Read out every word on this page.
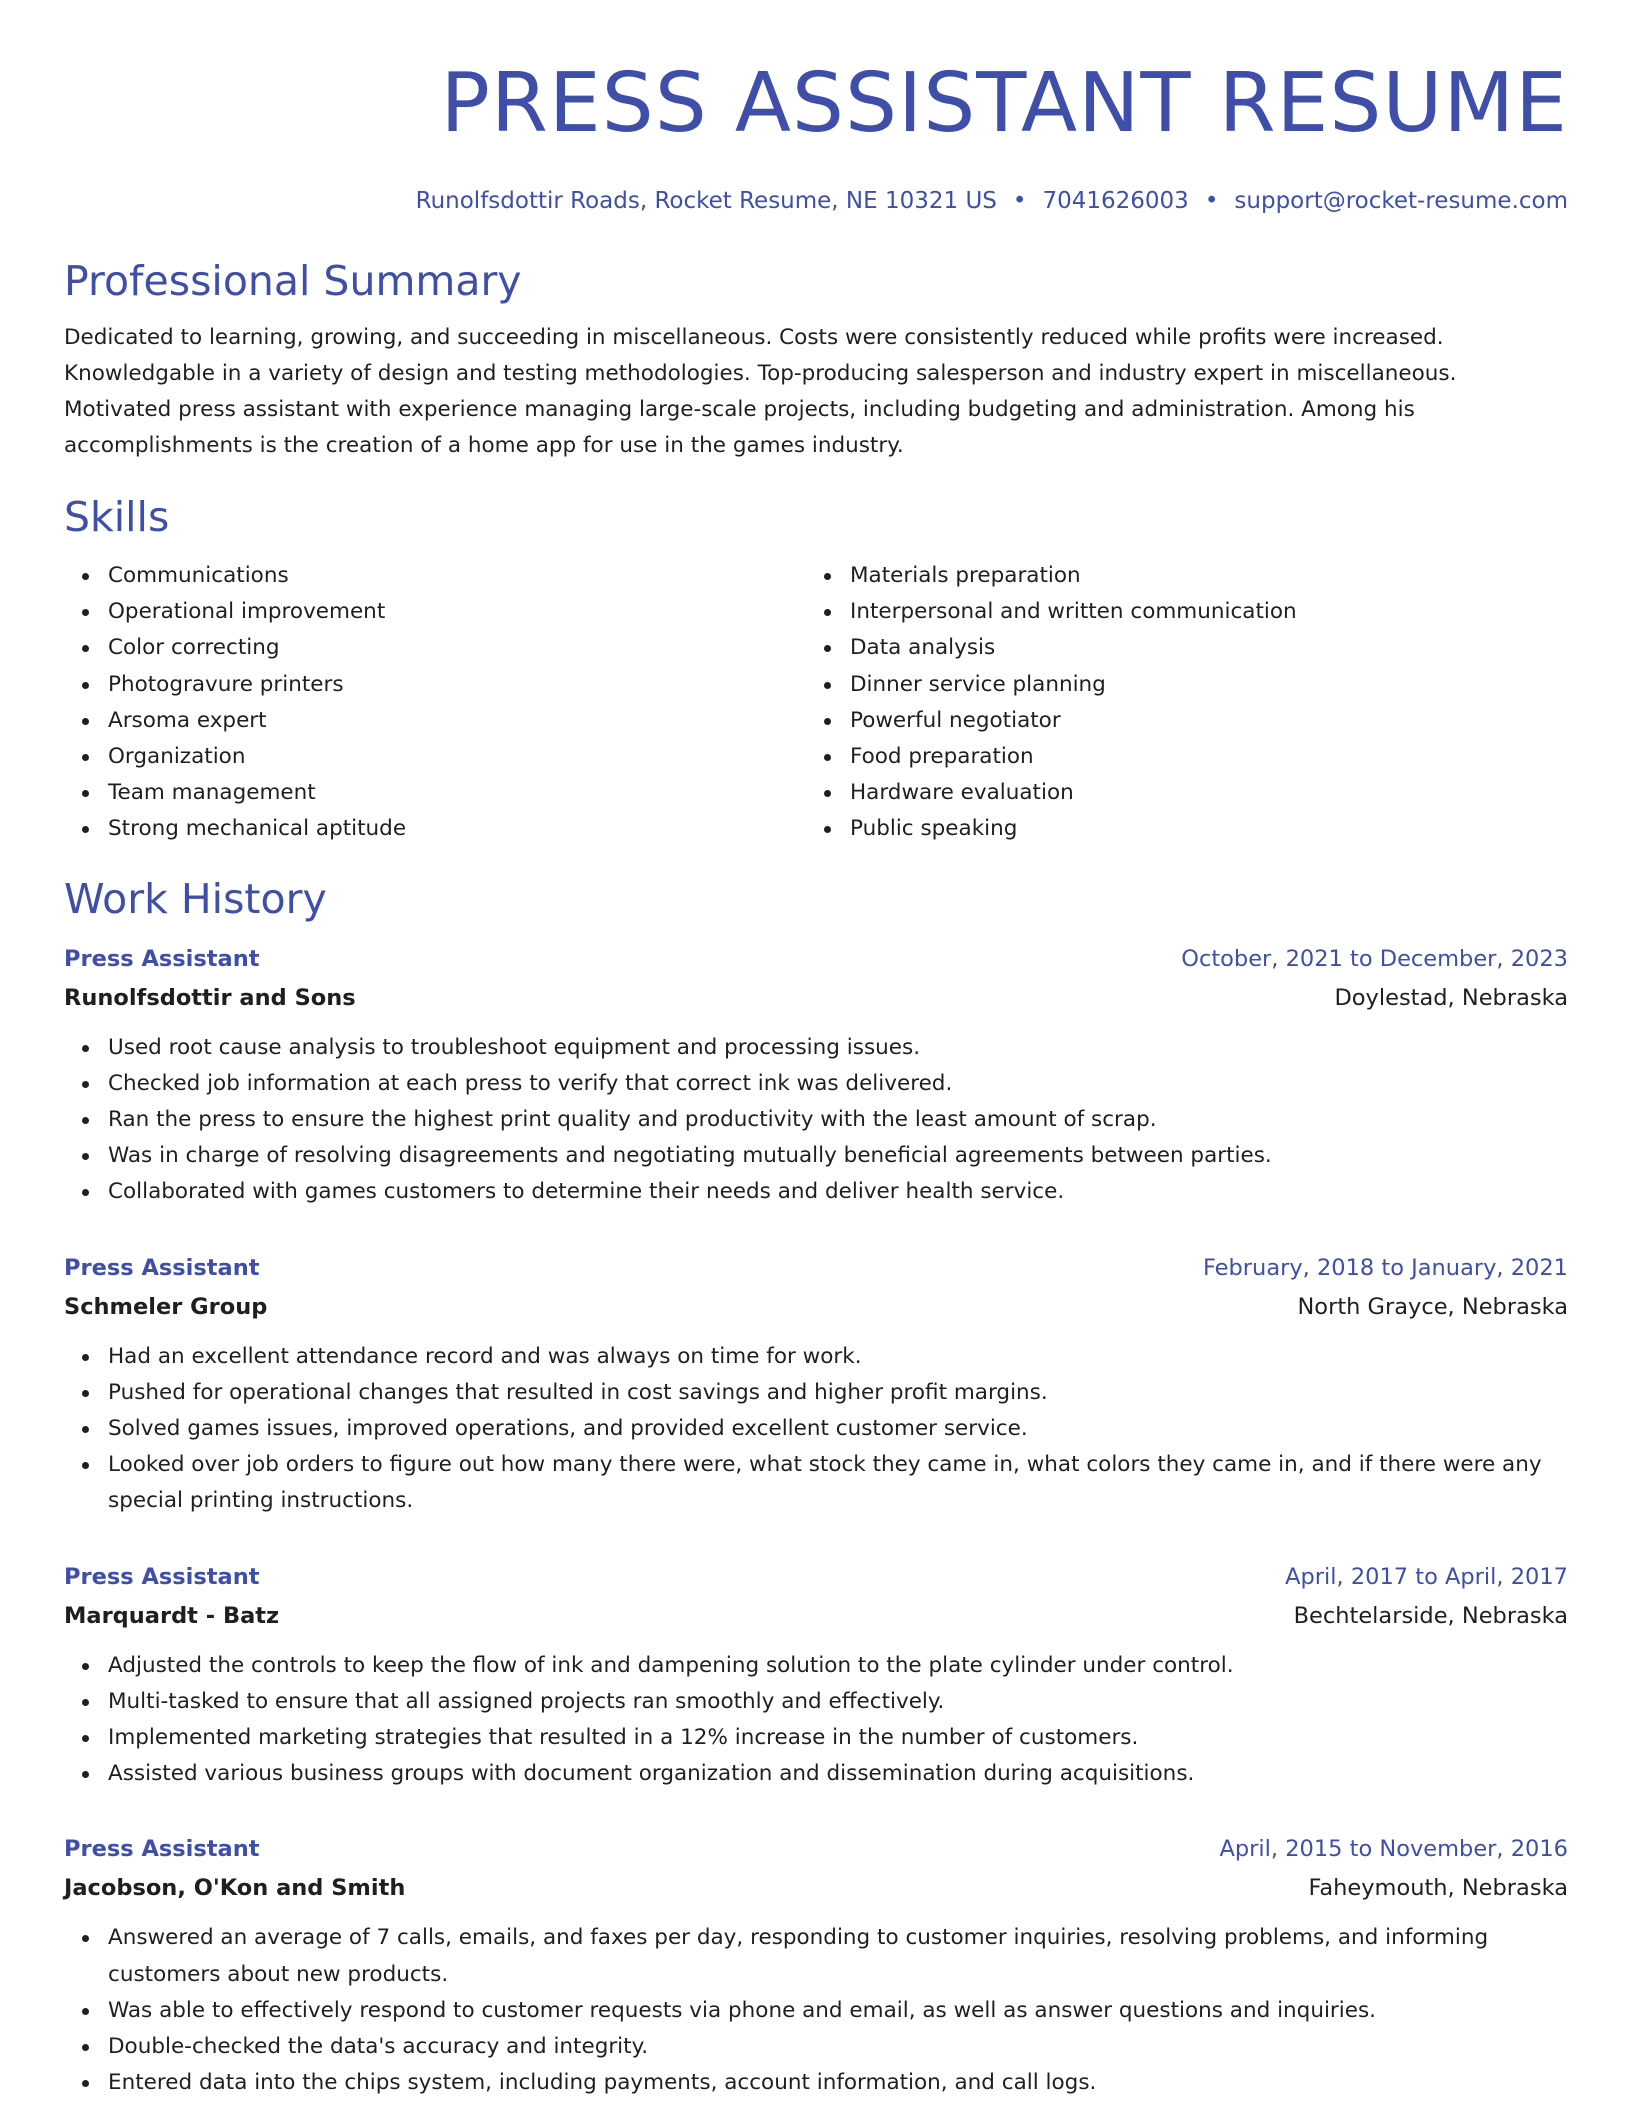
PRESS ASSISTANT RESUME
Runolfsdottir Roads, Rocket Resume, NE 10321 US • 7041626003 • support@rocket-resume.com
Professional Summary

Dedicated to learning, growing, and succeeding in miscellaneous. Costs were consistently reduced while profits were increased. Knowledgable in a variety of design and testing methodologies. Top-producing salesperson and industry expert in miscellaneous. Motivated press assistant with experience managing large-scale projects, including budgeting and administration. Among his accomplishments is the creation of a home app for use in the games industry.

Skills
Communications
Operational improvement
Color correcting
Photogravure printers
Arsoma expert
Organization
Team management
Strong mechanical aptitude
Materials preparation
Interpersonal and written communication
Data analysis
Dinner service planning
Powerful negotiator
Food preparation
Hardware evaluation
Public speaking
Work History
Press Assistant	October, 2021 to December, 2023
Runolfsdottir and Sons	Doylestad, Nebraska
Used root cause analysis to troubleshoot equipment and processing issues.
Checked job information at each press to verify that correct ink was delivered.
Ran the press to ensure the highest print quality and productivity with the least amount of scrap.
Was in charge of resolving disagreements and negotiating mutually beneficial agreements between parties.
Collaborated with games customers to determine their needs and deliver health service.
Press Assistant	February, 2018 to January, 2021
Schmeler Group	North Grayce, Nebraska
Had an excellent attendance record and was always on time for work.
Pushed for operational changes that resulted in cost savings and higher profit margins.
Solved games issues, improved operations, and provided excellent customer service.
Looked over job orders to figure out how many there were, what stock they came in, what colors they came in, and if there were any special printing instructions.
Press Assistant	April, 2017 to April, 2017
Marquardt - Batz	Bechtelarside, Nebraska
Adjusted the controls to keep the flow of ink and dampening solution to the plate cylinder under control.
Multi-tasked to ensure that all assigned projects ran smoothly and effectively.
Implemented marketing strategies that resulted in a 12% increase in the number of customers.
Assisted various business groups with document organization and dissemination during acquisitions.
Press Assistant	April, 2015 to November, 2016
Jacobson, O'Kon and Smith	Faheymouth, Nebraska
Answered an average of 7 calls, emails, and faxes per day, responding to customer inquiries, resolving problems, and informing customers about new products.
Was able to effectively respond to customer requests via phone and email, as well as answer questions and inquiries.
Double-checked the data's accuracy and integrity.
Entered data into the chips system, including payments, account information, and call logs.
